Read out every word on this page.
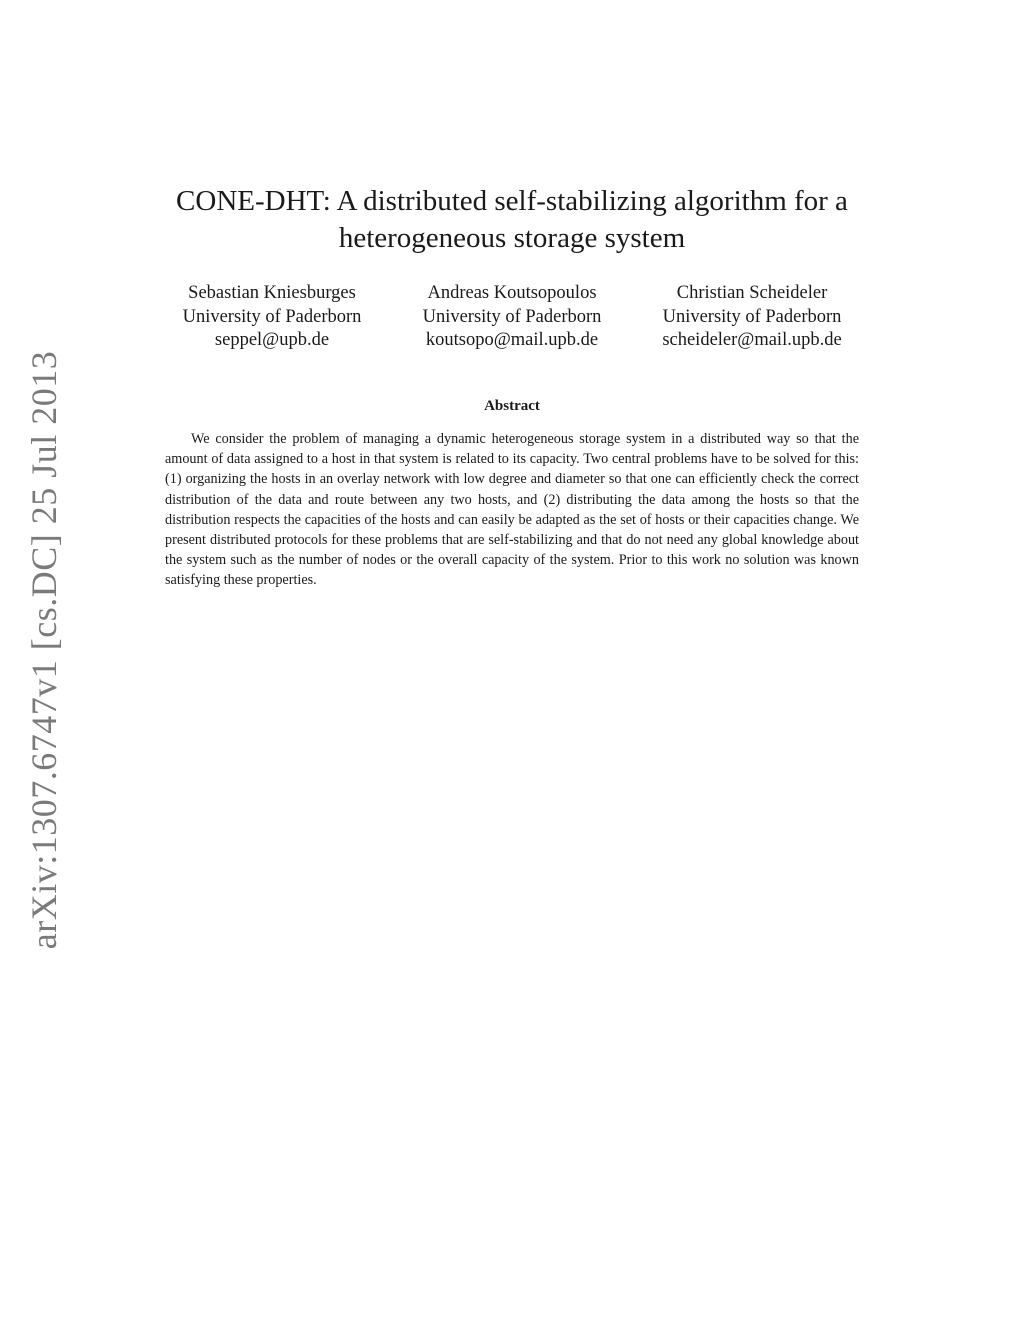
arXiv:1307.6747v1 [cs.DC] 25 Jul 2013
CONE-DHT: A distributed self-stabilizing algorithm for a
heterogeneous storage system
Sebastian Kniesburges
University of Paderborn
seppel@upb.de
Andreas Koutsopoulos
University of Paderborn
koutsopo@mail.upb.de
Christian Scheideler
University of Paderborn
scheideler@mail.upb.de
Abstract

We consider the problem of managing a dynamic heterogeneous storage system in a distributed way so that the amount of data assigned to a host in that system is related to its capacity. Two central problems have to be solved for this: (1) organizing the hosts in an overlay network with low degree and diameter so that one can efficiently check the correct distribution of the data and route between any two hosts, and (2) distributing the data among the hosts so that the distribution respects the capacities of the hosts and can easily be adapted as the set of hosts or their capacities change. We present distributed protocols for these problems that are self-stabilizing and that do not need any global knowledge about the system such as the number of nodes or the overall capacity of the system. Prior to this work no solution was known satisfying these properties.
